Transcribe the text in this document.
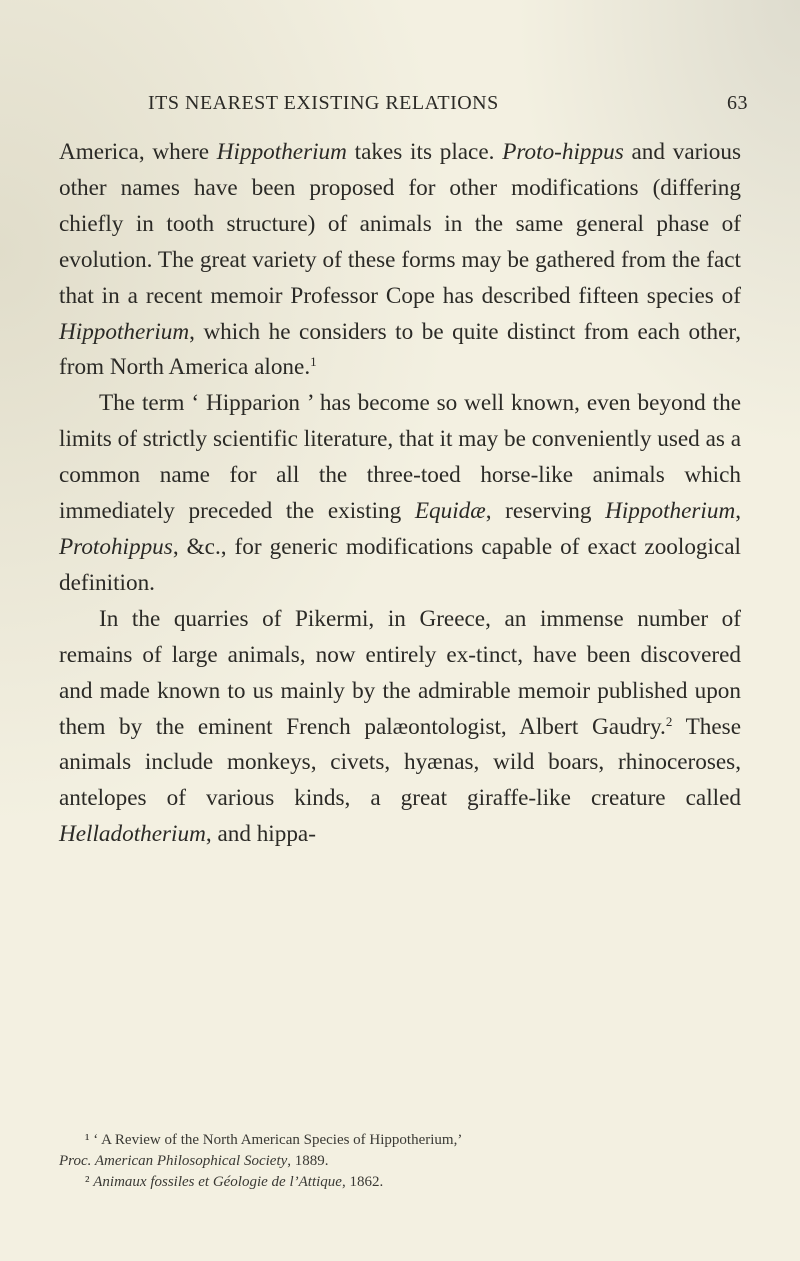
ITS NEAREST EXISTING RELATIONS	63

America, where Hippotherium takes its place. Proto-hippus and various other names have been proposed for other modifications (differing chiefly in tooth structure) of animals in the same general phase of evolution. The great variety of these forms may be gathered from the fact that in a recent memoir Professor Cope has described fifteen species of Hippotherium, which he considers to be quite distinct from each other, from North America alone.$^1$

The term ‘ Hipparion ’ has become so well known, even beyond the limits of strictly scientific literature, that it may be conveniently used as a common name for all the three-toed horse-like animals which immediately preceded the existing Equidæ, reserving Hippotherium, Protohippus, &c., for generic modifications capable of exact zoological definition.

In the quarries of Pikermi, in Greece, an immense number of remains of large animals, now entirely ex-tinct, have been discovered and made known to us mainly by the admirable memoir published upon them by the eminent French palæontologist, Albert Gaudry.$^2$ These animals include monkeys, civets, hyænas, wild boars, rhinoceroses, antelopes of various kinds, a great giraffe-like creature called Helladotherium, and hippa-

¹ ‘ A Review of the North American Species of Hippotherium,’

Proc. American Philosophical Society, 1889.

² Animaux fossiles et Géologie de l’Attique, 1862.
